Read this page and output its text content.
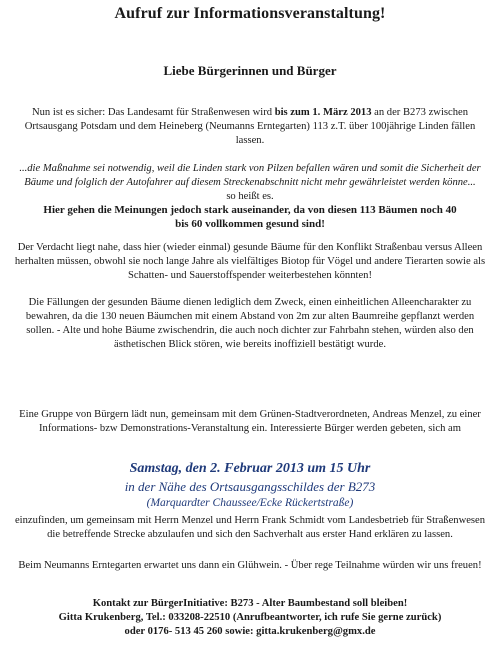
Aufruf zur Informationsveranstaltung!
Liebe Bürgerinnen und Bürger
Nun ist es sicher: Das Landesamt für Straßenwesen wird bis zum 1. März 2013 an der B273 zwischen Ortsausgang Potsdam und dem Heineberg (Neumanns Erntegarten) 113 z.T. über 100jährige Linden fällen lassen.
...die Maßnahme sei notwendig, weil die Linden stark von Pilzen befallen wären und somit die Sicherheit der Bäume und folglich der Autofahrer auf diesem Streckenabschnitt nicht mehr gewährleistet werden könne...
so heißt es.
Hier gehen die Meinungen jedoch stark auseinander, da von diesen 113 Bäumen noch 40 bis 60 vollkommen gesund sind!
Der Verdacht liegt nahe, dass hier (wieder einmal) gesunde Bäume für den Konflikt Straßenbau versus Alleen herhalten müssen, obwohl sie noch lange Jahre als vielfältiges Biotop für Vögel und andere Tierarten sowie als Schatten- und Sauerstoffspender weiterbestehen könnten!
Die Fällungen der gesunden Bäume dienen lediglich dem Zweck, einen einheitlichen Alleencharakter zu bewahren, da die 130 neuen Bäumchen mit einem Abstand von 2m zur alten Baumreihe gepflanzt werden sollen. - Alte und hohe Bäume zwischendrin, die auch noch dichter zur Fahrbahn stehen, würden also den ästhetischen Blick stören, wie bereits inoffiziell bestätigt wurde.
Eine Gruppe von Bürgern lädt nun, gemeinsam mit dem Grünen-Stadtverordneten, Andreas Menzel, zu einer Informations- bzw Demonstrations-Veranstaltung ein. Interessierte Bürger werden gebeten, sich am
Samstag, den 2. Februar 2013 um 15 Uhr
in der Nähe des Ortsausgangsschildes der B273
(Marquardter Chaussee/Ecke Rückertstraße)
einzufinden, um gemeinsam mit Herrn Menzel und Herrn Frank Schmidt vom Landesbetrieb für Straßenwesen die betreffende Strecke abzulaufen und sich den Sachverhalt aus erster Hand erklären zu lassen.
Beim Neumanns Erntegarten erwartet uns dann ein Glühwein. - Über rege Teilnahme würden wir uns freuen!
Kontakt zur BürgerInitiative: B273 - Alter Baumbestand soll bleiben!
Gitta Krukenberg, Tel.: 033208-22510 (Anrufbeantworter, ich rufe Sie gerne zurück)
oder 0176- 513 45 260 sowie: gitta.krukenberg@gmx.de
